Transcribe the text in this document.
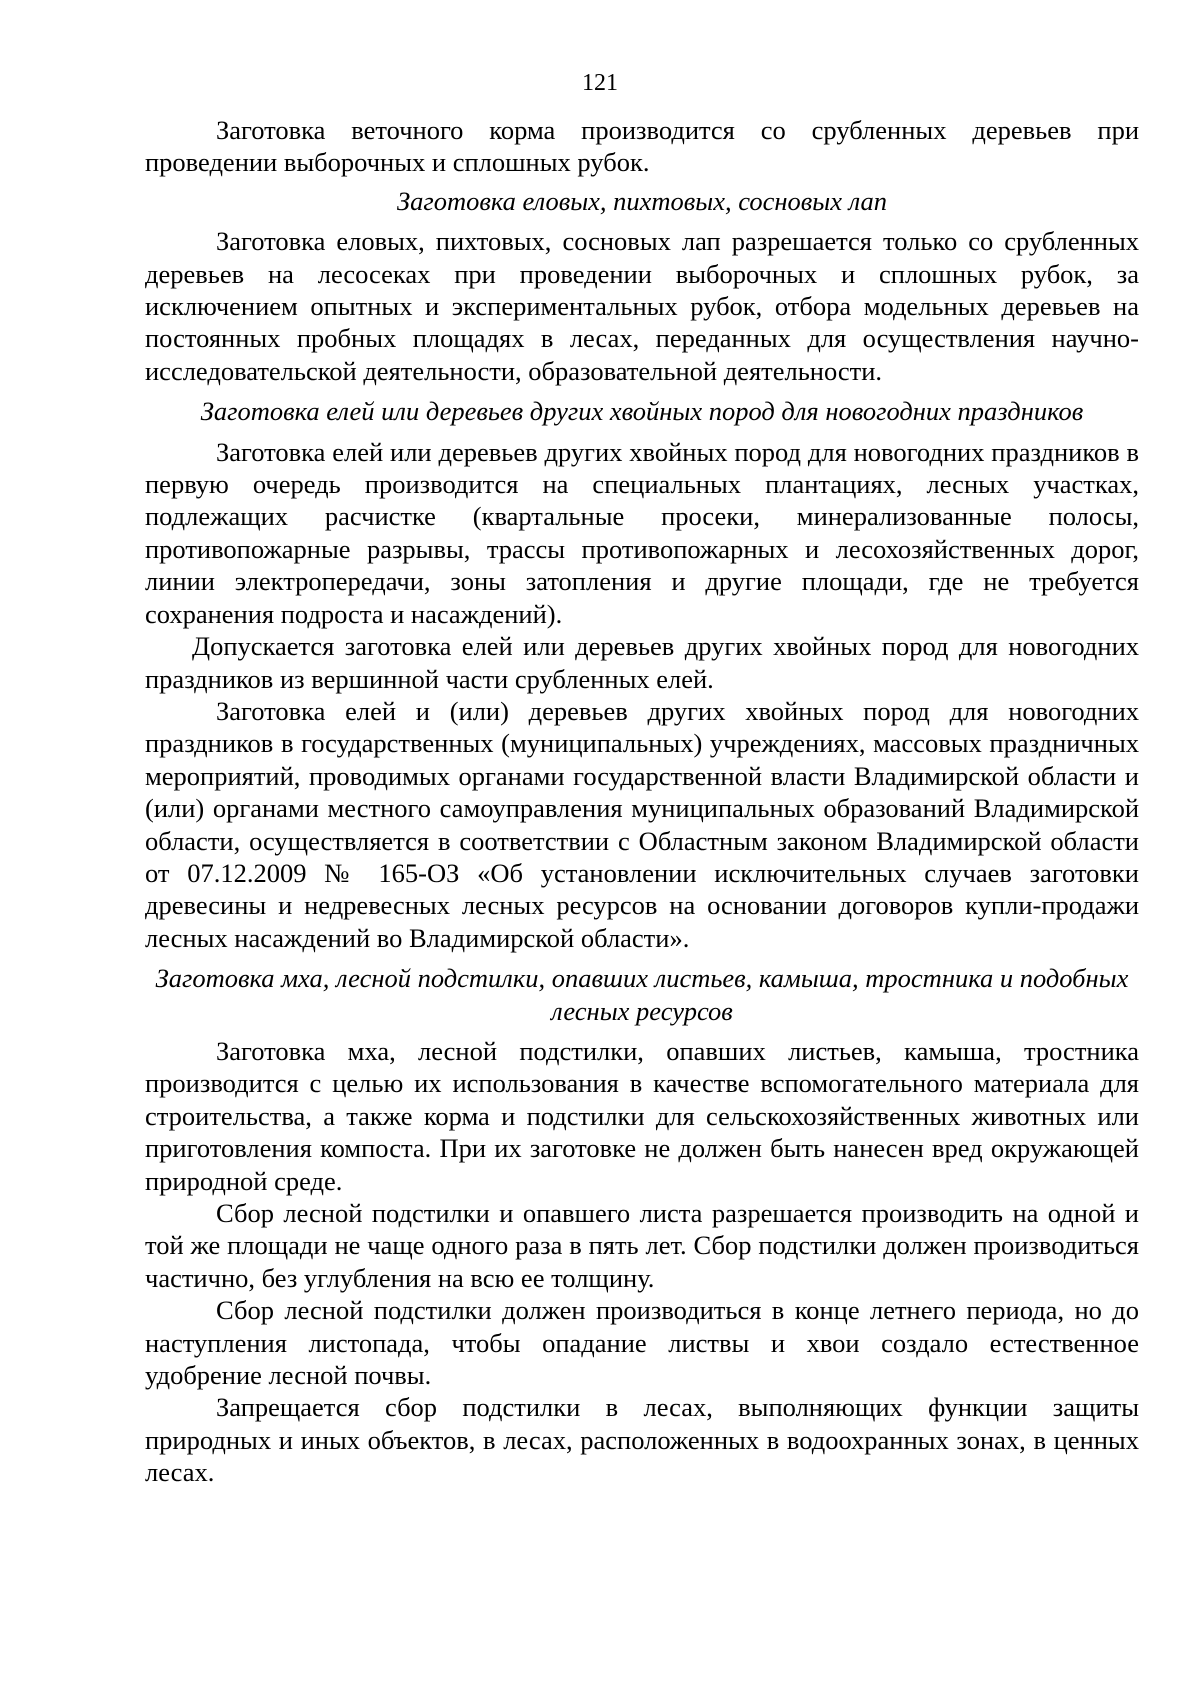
121

Заготовка веточного корма производится со срубленных деревьев при проведении выборочных и сплошных рубок.

Заготовка еловых, пихтовых, сосновых лап

Заготовка еловых, пихтовых, сосновых лап разрешается только со срубленных деревьев на лесосеках при проведении выборочных и сплошных рубок, за исключением опытных и экспериментальных рубок, отбора модельных деревьев на постоянных пробных площадях в лесах, переданных для осуществления научно-исследовательской деятельности, образовательной деятельности.

Заготовка елей или деревьев других хвойных пород для новогодних праздников

Заготовка елей или деревьев других хвойных пород для новогодних праздников в первую очередь производится на специальных плантациях, лесных участках, подлежащих расчистке (квартальные просеки, минерализованные полосы, противопожарные разрывы, трассы противопожарных и лесохозяйственных дорог, линии электропередачи, зоны затопления и другие площади, где не требуется сохранения подроста и насаждений).

Допускается заготовка елей или деревьев других хвойных пород для новогодних праздников из вершинной части срубленных елей.

Заготовка елей и (или) деревьев других хвойных пород для новогодних праздников в государственных (муниципальных) учреждениях, массовых праздничных мероприятий, проводимых органами государственной власти Владимирской области и (или) органами местного самоуправления муниципальных образований Владимирской области, осуществляется в соответствии с Областным законом Владимирской области от 07.12.2009 № 165-ОЗ «Об установлении исключительных случаев заготовки древесины и недревесных лесных ресурсов на основании договоров купли-продажи лесных насаждений во Владимирской области».

Заготовка мха, лесной подстилки, опавших листьев, камыша, тростника и подобных лесных ресурсов

Заготовка мха, лесной подстилки, опавших листьев, камыша, тростника производится с целью их использования в качестве вспомогательного материала для строительства, а также корма и подстилки для сельскохозяйственных животных или приготовления компоста. При их заготовке не должен быть нанесен вред окружающей природной среде.

Сбор лесной подстилки и опавшего листа разрешается производить на одной и той же площади не чаще одного раза в пять лет. Сбор подстилки должен производиться частично, без углубления на всю ее толщину.

Сбор лесной подстилки должен производиться в конце летнего периода, но до наступления листопада, чтобы опадание листвы и хвои создало естественное удобрение лесной почвы.

Запрещается сбор подстилки в лесах, выполняющих функции защиты природных и иных объектов, в лесах, расположенных в водоохранных зонах, в ценных лесах.
